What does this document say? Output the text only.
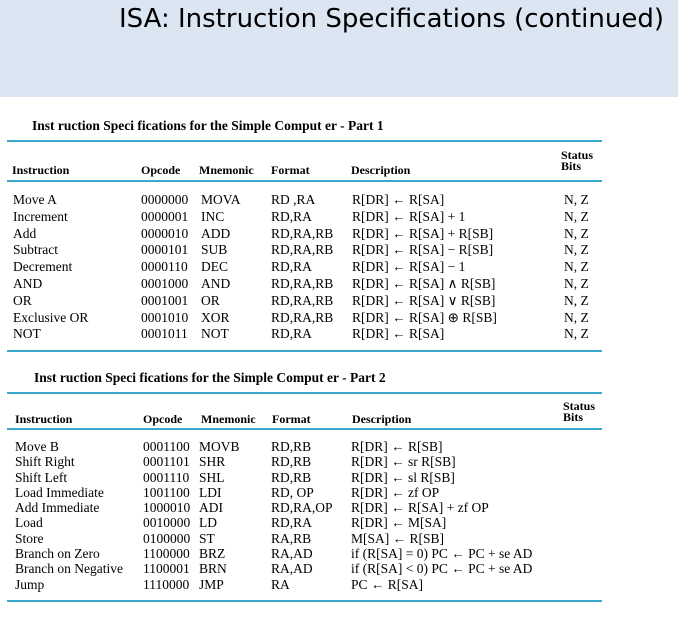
ISA: Instruction Specifications (continued)
Inst ruction Speci fications for the Simple Comput er - Part 1
Instruction	Opcode Mnemonic Format	Description
Status
Bits
Move A	0000000 MOVA RD ,RA	R[DR] ← R[SA]	N, Z
Increment	0000001 INC	RD,RA	R[DR] ← R[SA] + 1	N, Z
Add	0000010 ADD	RD,RA,RB R[DR] ← R[SA] + R[SB]	N, Z
Subtract	0000101 SUB	RD,RA,RB R[DR] ← R[SA] − R[SB]	N, Z
Decrement	0000110 DEC	RD,RA	R[DR] ← R[SA] − 1	N, Z
AND	0001000 AND	RD,RA,RB R[DR] ← R[SA] ∧ R[SB]	N, Z
OR	0001001 OR	RD,RA,RB R[DR] ← R[SA] ∨ R[SB]	N, Z
Exclusive OR	0001010 XOR	RD,RA,RB R[DR] ← R[SA] ⊕ R[SB]	N, Z
NOT	0001011 NOT	RD,RA	R[DR] ← R[SA]	N, Z
Inst ruction Speci fications for the Simple Comput er - Part 2
Instruction	Opcode Mnemonic Format	Description
Status
Bits
Move B	0001100 MOVB RD,RB	R[DR] ← R[SB]
Shift Right	0001101 SHR	RD,RB	R[DR] ← sr R[SB]
Shift Left	0001110 SHL	RD,RB	R[DR] ← sl R[SB]
Load Immediate	1001100 LDI	RD, OP	R[DR] ← zf OP
Add Immediate	1000010 ADI	RD,RA,OP R[DR] ← R[SA] + zf OP
Load	0010000 LD	RD,RA	R[DR] ← M[SA]
Store	0100000 ST	RA,RB	M[SA] ← R[SB]
Branch on Zero	1100000 BRZ	RA,AD	if (R[SA] = 0) PC ← PC + se AD
Branch on Negative 1100001 BRN	RA,AD	if (R[SA] < 0) PC ← PC + se AD
Jump	1110000 JMP	RA	PC ← R[SA]
